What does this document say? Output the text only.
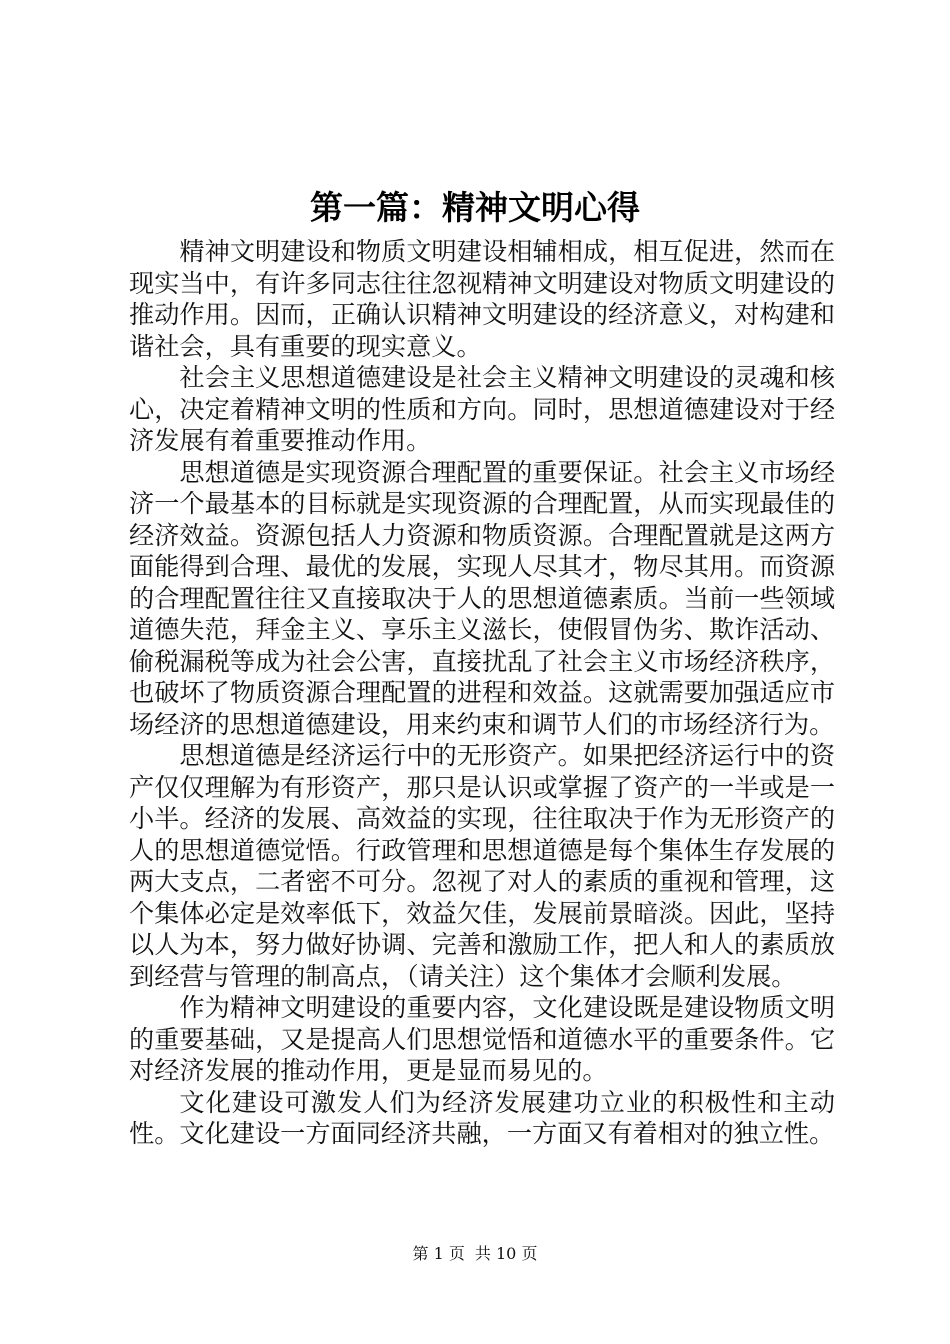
第一篇：精神文明心得

精神文明建设和物质文明建设相辅相成，相互促进，然而在现实当中，有许多同志往往忽视精神文明建设对物质文明建设的推动作用。因而，正确认识精神文明建设的经济意义，对构建和谐社会，具有重要的现实意义。

社会主义思想道德建设是社会主义精神文明建设的灵魂和核心，决定着精神文明的性质和方向。同时，思想道德建设对于经济发展有着重要推动作用。

思想道德是实现资源合理配置的重要保证。社会主义市场经济一个最基本的目标就是实现资源的合理配置，从而实现最佳的经济效益。资源包括人力资源和物质资源。合理配置就是这两方面能得到合理、最优的发展，实现人尽其才，物尽其用。而资源的合理配置往往又直接取决于人的思想道德素质。当前一些领域道德失范，拜金主义、享乐主义滋长，使假冒伪劣、欺诈活动、偷税漏税等成为社会公害，直接扰乱了社会主义市场经济秩序，也破坏了物质资源合理配置的进程和效益。这就需要加强适应市场经济的思想道德建设，用来约束和调节人们的市场经济行为。

思想道德是经济运行中的无形资产。如果把经济运行中的资产仅仅理解为有形资产，那只是认识或掌握了资产的一半或是一小半。经济的发展、高效益的实现，往往取决于作为无形资产的人的思想道德觉悟。行政管理和思想道德是每个集体生存发展的两大支点，二者密不可分。忽视了对人的素质的重视和管理，这个集体必定是效率低下，效益欠佳，发展前景暗淡。因此，坚持以人为本，努力做好协调、完善和激励工作，把人和人的素质放到经营与管理的制高点，（请关注）这个集体才会顺利发展。

作为精神文明建设的重要内容，文化建设既是建设物质文明的重要基础，又是提高人们思想觉悟和道德水平的重要条件。它对经济发展的推动作用，更是显而易见的。

文化建设可激发人们为经济发展建功立业的积极性和主动性。文化建设一方面同经济共融，一方面又有着相对的独立性。

第 1 页 共 10 页
